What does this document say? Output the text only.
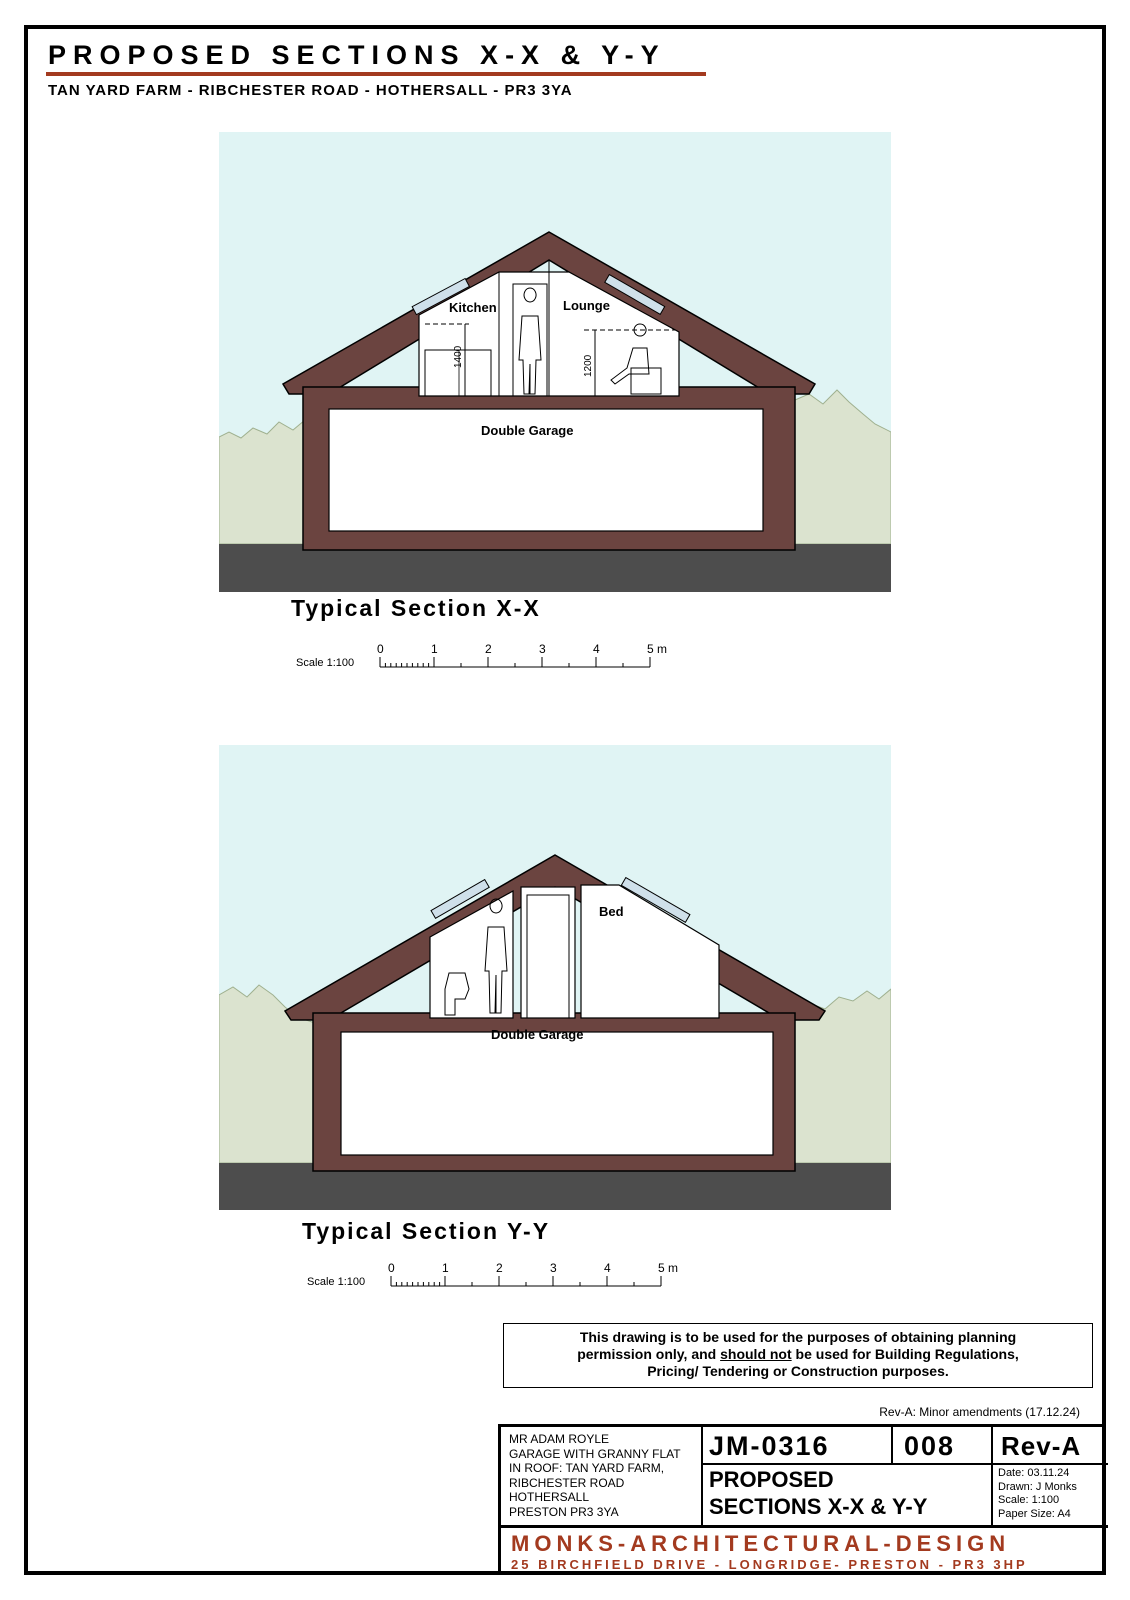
PROPOSED SECTIONS X-X & Y-Y
TAN YARD FARM - RIBCHESTER ROAD - HOTHERSALL - PR3 3YA
Kitchen	Lounge
Double Garage
1400	1200
Typical Section X-X
Scale 1:100
0	1	2	3	4	5 m
Bed
Double Garage
Typical Section Y-Y
Scale 1:100
0	1	2	3	4	5 m
This drawing is to be used for the purposes of obtaining planning
permission only, and should not be used for Building Regulations,
Pricing/ Tendering or Construction purposes.
Rev-A: Minor amendments (17.12.24)
MR ADAM ROYLE
GARAGE WITH GRANNY FLAT
IN ROOF: TAN YARD FARM,
RIBCHESTER ROAD
HOTHERSALL
PRESTON PR3 3YA
JM-0316	008 Rev-A
PROPOSED
SECTIONS X-X & Y-Y
Date: 03.11.24
Drawn: J Monks
Scale: 1:100
Paper Size: A4
MONKS-ARCHITECTURAL-DESIGN
25 BIRCHFIELD DRIVE - LONGRIDGE- PRESTON - PR3 3HP
